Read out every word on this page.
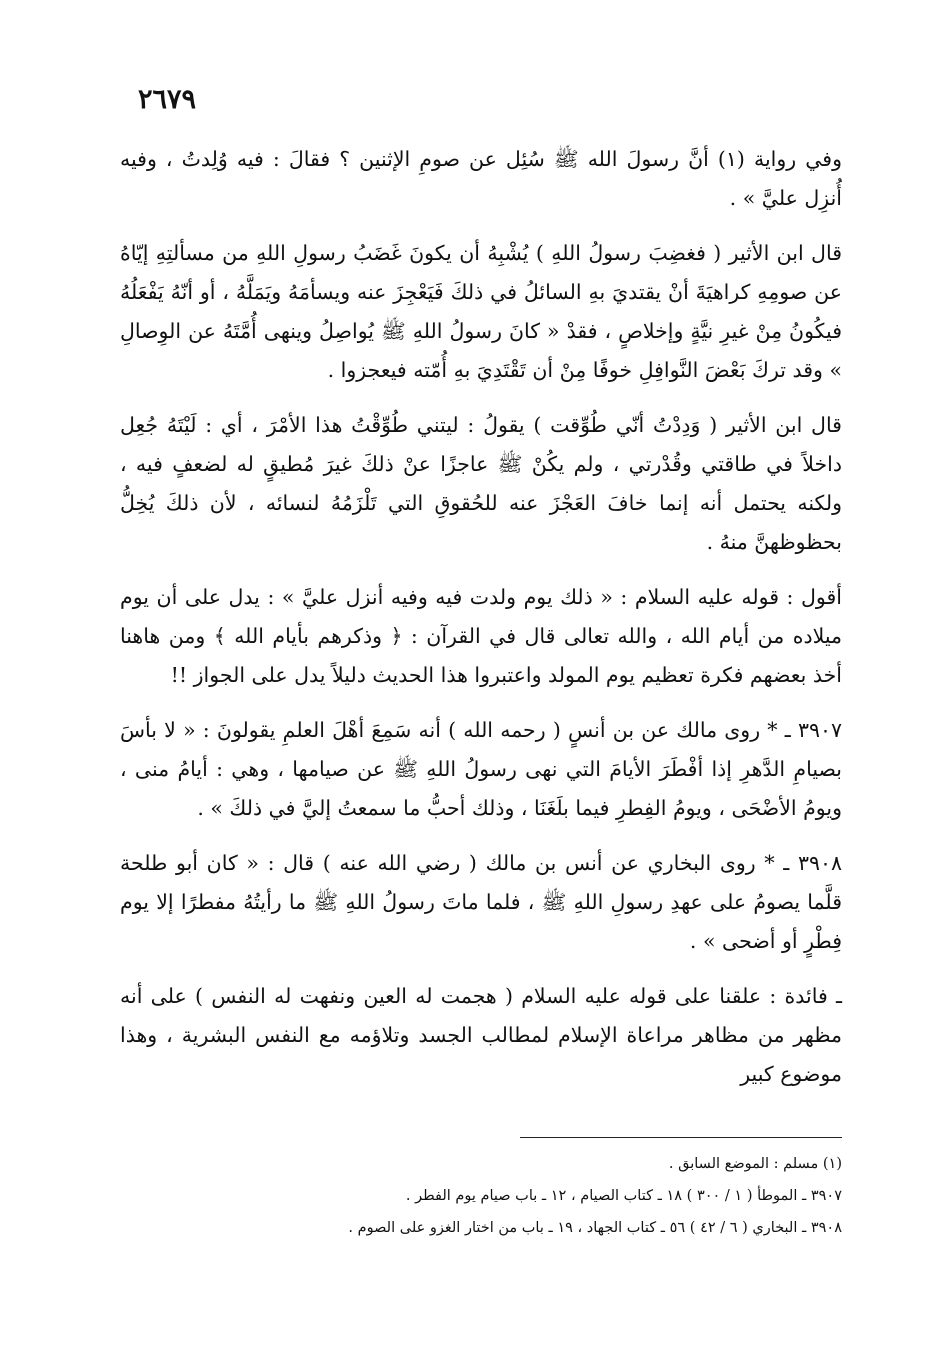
٢٦٧٩

وفي رواية (١) أنَّ رسولَ الله ﷺ سُئِل عن صومِ الإثنين ؟ فقالَ : فيه وُلِدتُ ، وفيه أُنزِل عليَّ » .

قال ابن الأثير ( فغضِبَ رسولُ اللهِ ) يُشْبِهُ أن يكونَ غَضَبُ رسولِ اللهِ من مسألتِهِ إيّاهُ عن صومِهِ كراهيَةَ أنْ يقتديَ بهِ السائلُ في ذلكَ فَيَعْجِزَ عنه ويسأمَهُ ويَمَلَّهُ ، أو أنّهُ يَفْعَلُهُ فيكُونُ مِنْ غيرِ نيَّةٍ وإخلاصٍ ، فقدْ « كانَ رسولُ اللهِ ﷺ يُواصِلُ وينهى أُمَّتَهُ عن الوِصالِ » وقد تركَ بَعْضَ النَّوافِلِ خوفًا مِنْ أن تَقْتَدِيَ بهِ أُمّته فيعجزوا .

قال ابن الأثير ( وَدِدْتُ أنّي طُوِّقت ) يقولُ : ليتني طُوِّقْتُ هذا الأمْرَ ، أي : لَيْتَهُ جُعِل داخلاً في طاقتي وقُدْرتي ، ولم يكُنْ ﷺ عاجزًا عنْ ذلكَ غيرَ مُطيقٍ له لضعفٍ فيه ، ولكنه يحتمل أنه إنما خافَ العَجْزَ عنه للحُقوقِ التي تَلْزَمُهُ لنسائه ، لأن ذلكَ يُخِلُّ بحظوظهنَّ منهُ .

أقول : قوله عليه السلام : « ذلك يوم ولدت فيه وفيه أنزل عليَّ » : يدل على أن يوم ميلاده من أيام الله ، والله تعالى قال في القرآن : ﴿ وذكرهم بأيام الله ﴾ ومن هاهنا أخذ بعضهم فكرة تعظيم يوم المولد واعتبروا هذا الحديث دليلاً يدل على الجواز !!

٣٩٠٧ ـ * روى مالك عن بن أنسٍ ( رحمه الله ) أنه سَمِعَ أهْلَ العلمِ يقولونَ : « لا بأسَ بصيامِ الدَّهرِ إذا أفْطَرَ الأيامَ التي نهى رسولُ اللهِ ﷺ عن صيامها ، وهي : أيامُ منى ، ويومُ الأضْحَى ، ويومُ الفِطرِ فيما بلَغَنَا ، وذلك أحبُّ ما سمعتُ إليَّ في ذلكَ » .

٣٩٠٨ ـ * روى البخاري عن أنس بن مالك ( رضي الله عنه ) قال : « كان أبو طلحة قلَّما يصومُ على عهدِ رسولِ اللهِ ﷺ ، فلما ماتَ رسولُ اللهِ ﷺ ما رأيتُهُ مفطرًا إلا يوم فِطْرٍ أو أضحى » .

ـ فائدة : علقنا على قوله عليه السلام ( هجمت له العين ونفهت له النفس ) على أنه مظهر من مظاهر مراعاة الإسلام لمطالب الجسد وتلاؤمه مع النفس البشرية ، وهذا موضوع كبير

(١) مسلم : الموضع السابق .
٣٩٠٧ ـ الموطأ ( ١ / ٣٠٠ ) ١٨ ـ كتاب الصيام ، ١٢ ـ باب صيام يوم الفطر .
٣٩٠٨ ـ البخاري ( ٦ / ٤٢ ) ٥٦ ـ كتاب الجهاد ، ١٩ ـ باب من اختار الغزو على الصوم .
